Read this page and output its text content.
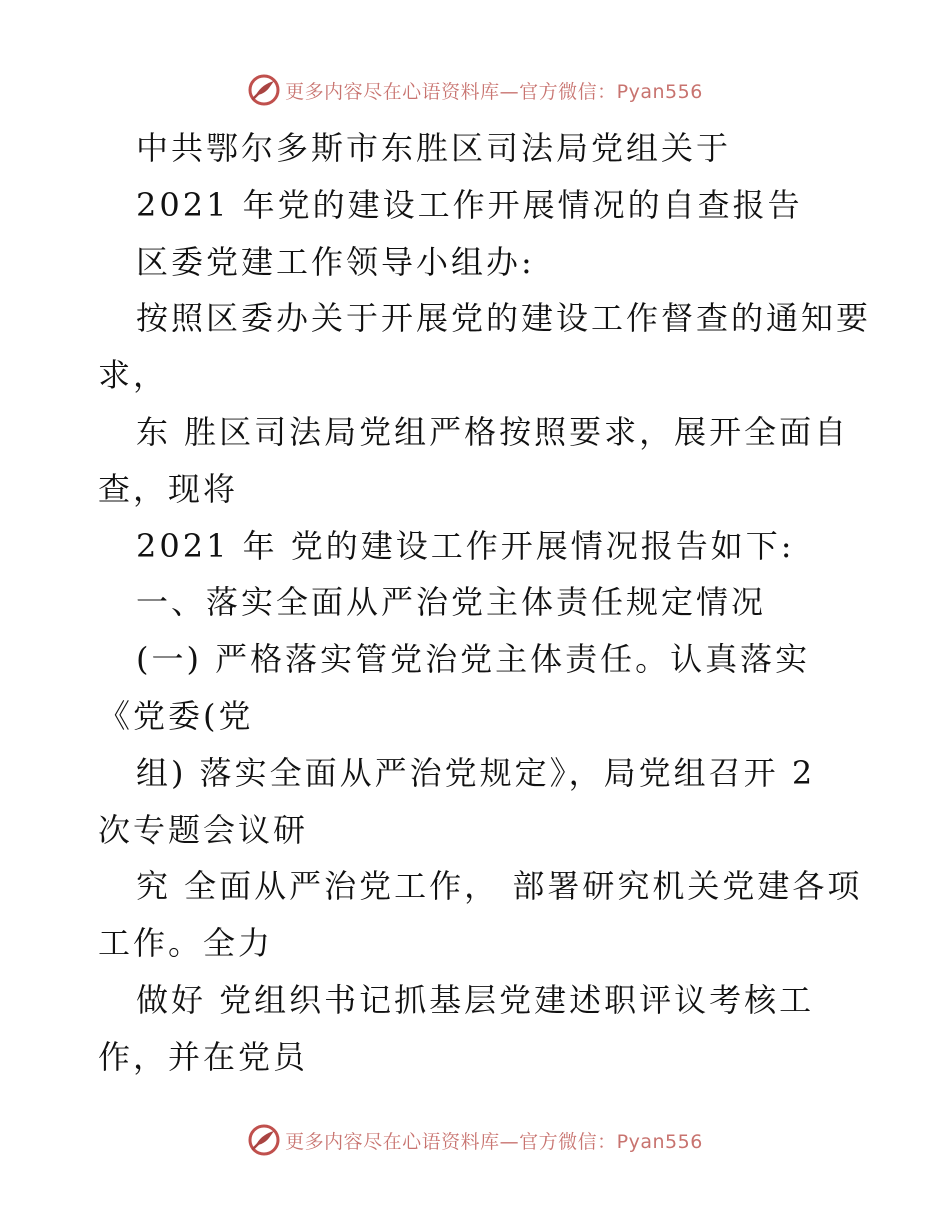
更多内容尽在心语资料库—官方微信：Pyan556
中共鄂尔多斯市东胜区司法局党组关于
2021 年党的建设工作开展情况的自查报告
区委党建工作领导小组办:
按照区委办关于开展党的建设工作督查的通知要
求，
东 胜区司法局党组严格按照要求，展开全面自
查，现将
2021 年 党的建设工作开展情况报告如下:
一、落实全面从严治党主体责任规定情况
(一) 严格落实管党治党主体责任。认真落实
《党委(党
组) 落实全面从严治党规定》，局党组召开 2
次专题会议研
究 全面从严治党工作， 部署研究机关党建各项
工作。全力
做好 党组织书记抓基层党建述职评议考核工
作，并在党员
更多内容尽在心语资料库—官方微信：Pyan556
